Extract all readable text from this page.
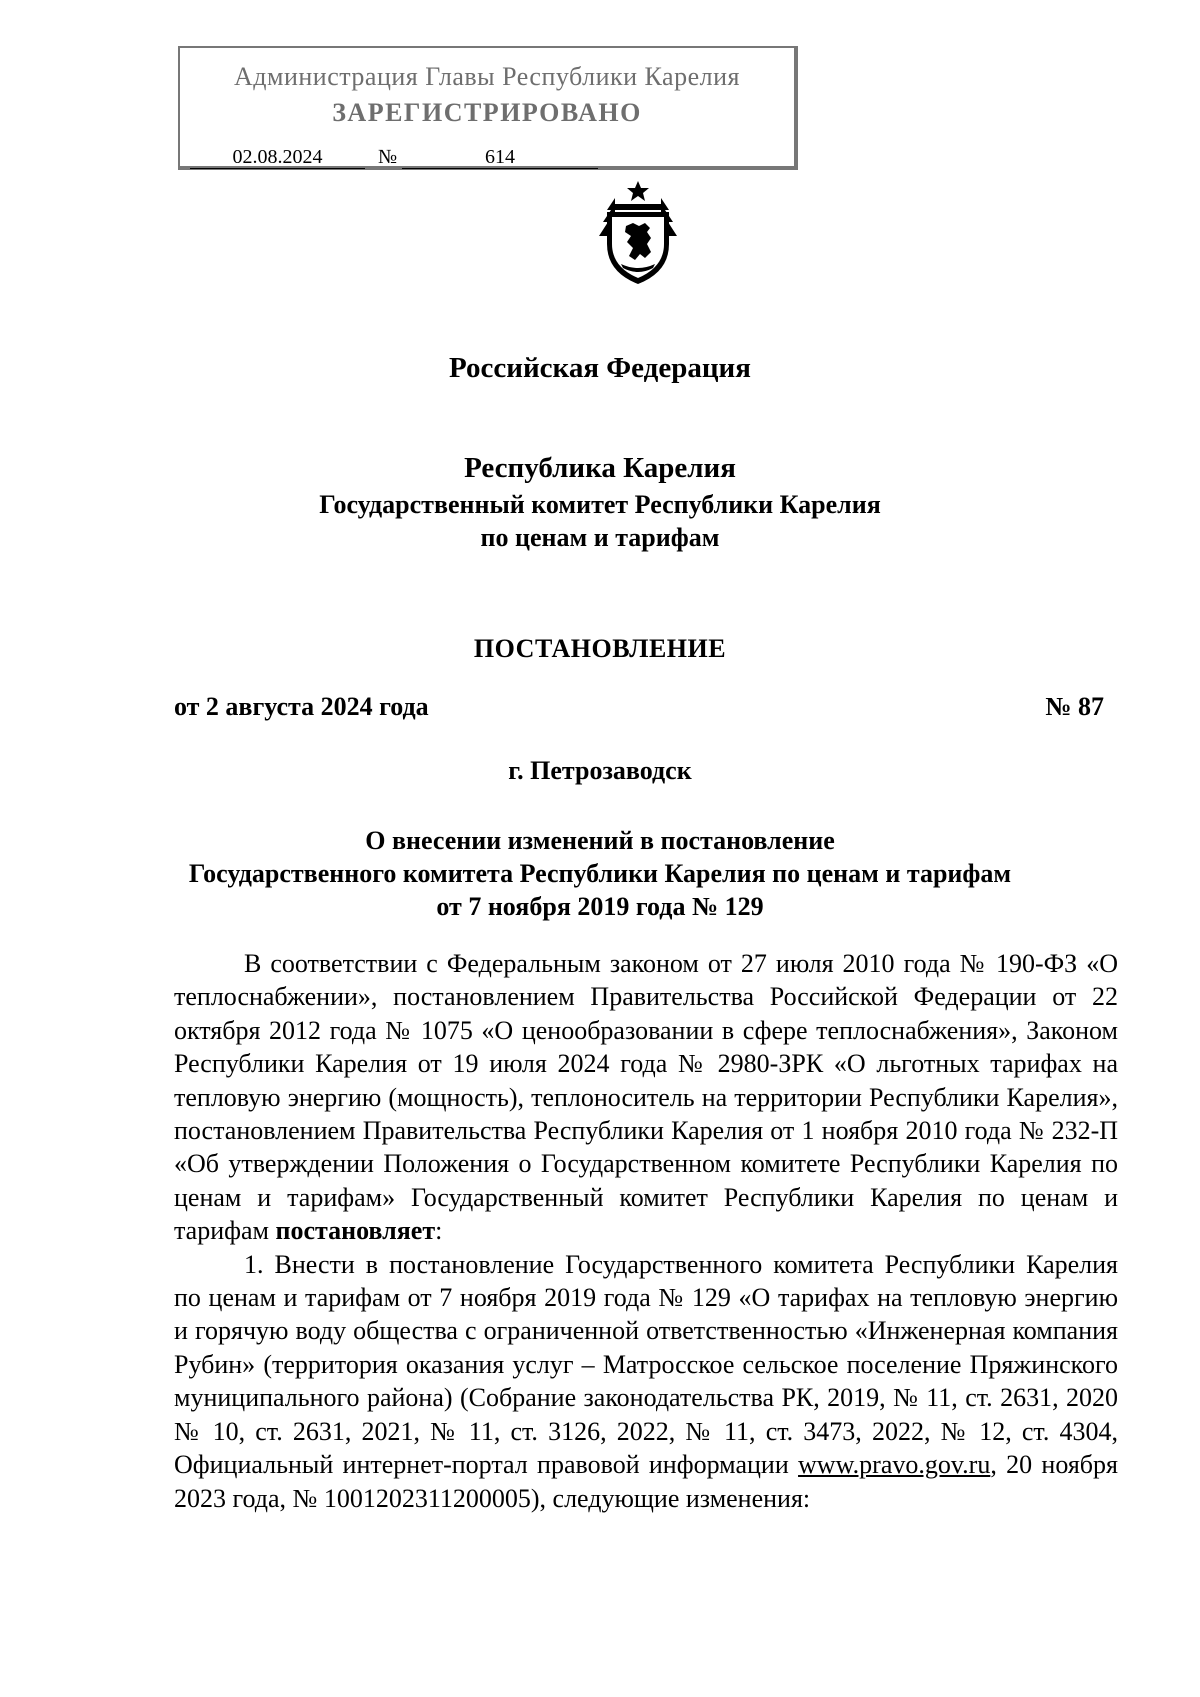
Администрация Главы Республики Карелия
ЗАРЕГИСТРИРОВАНО
02.08.2024	№	614
Российская Федерация
Республика Карелия
Государственный комитет Республики Карелия
по ценам и тарифам
ПОСТАНОВЛЕНИЕ
от 2 августа 2024 года	№ 87
г. Петрозаводск
О внесении изменений в постановление
Государственного комитета Республики Карелия по ценам и тарифам
от 7 ноября 2019 года № 129

В соответствии с Федеральным законом от 27 июля 2010 года № 190-ФЗ «О теплоснабжении», постановлением Правительства Российской Федерации от 22 октября 2012 года № 1075 «О ценообразовании в сфере теплоснабжения», Законом Республики Карелия от 19 июля 2024 года № 2980-ЗРК «О льготных тарифах на тепловую энергию (мощность), теплоноситель на территории Республики Карелия», постановлением Правительства Республики Карелия от 1 ноября 2010 года № 232-П «Об утверждении Положения о Государственном комитете Республики Карелия по ценам и тарифам» Государственный комитет Республики Карелия по ценам и тарифам постановляет:

1. Внести в постановление Государственного комитета Республики Карелия по ценам и тарифам от 7 ноября 2019 года № 129 «О тарифах на тепловую энергию и горячую воду общества с ограниченной ответственностью «Инженерная компания Рубин» (территория оказания услуг – Матросское сельское поселение Пряжинского муниципального района) (Собрание законодательства РК, 2019, № 11, ст. 2631, 2020 № 10, ст. 2631, 2021, № 11, ст. 3126, 2022, № 11, ст. 3473, 2022, № 12, ст. 4304, Официальный интернет-портал правовой информации www.pravo.gov.ru, 20 ноября 2023 года, № 1001202311200005), следующие изменения:
